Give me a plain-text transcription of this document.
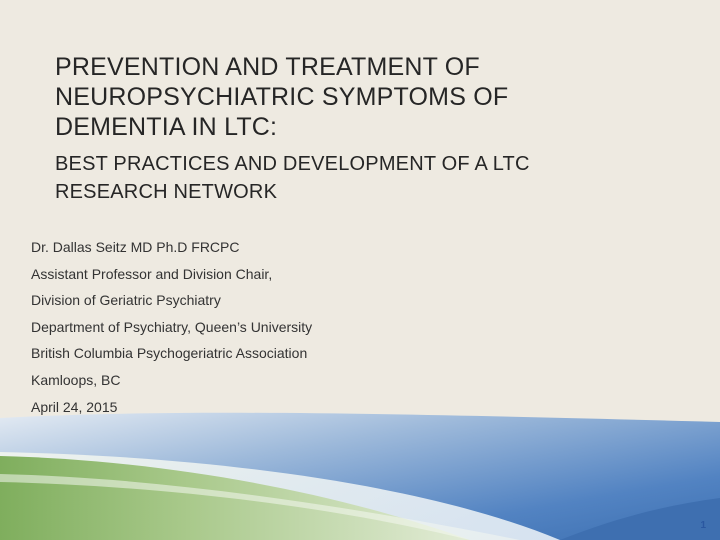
PREVENTION AND TREATMENT OF
NEUROPSYCHIATRIC SYMPTOMS OF
DEMENTIA IN LTC:
BEST PRACTICES AND DEVELOPMENT OF A LTC
RESEARCH NETWORK
Dr. Dallas Seitz MD Ph.D FRCPC
Assistant Professor and Division Chair,
Division of Geriatric Psychiatry
Department of Psychiatry, Queen’s University
British Columbia Psychogeriatric Association
Kamloops, BC
April 24, 2015
1
